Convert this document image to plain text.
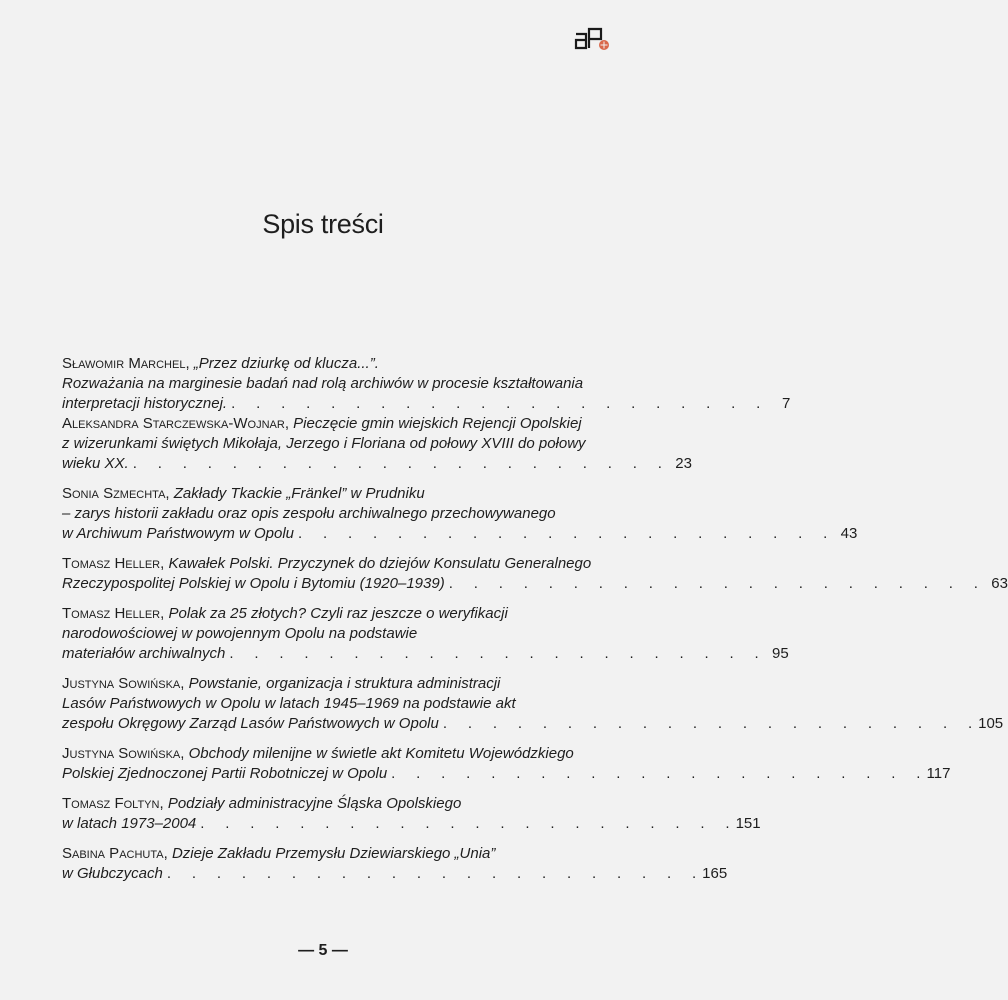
Spis treści
Sławomir Marchel , „Przez dziurkę od klucza...”.
Rozważania na marginesie badań nad rolą archiwów w procesie kształtowania
interpretacji historycznej. .     .     .     .     .     .     .     .     .     .     .     .     .     .     .     .     .     .     .     .     .     .	7
Aleksandra Starczewska-Wojnar , Pieczęcie gmin wiejskich Rejencji Opolskiej
z wizerunkami świętych Mikołaja, Jerzego i Floriana od połowy XVIII do połowy
wieku XX. .     .     .     .     .     .     .     .     .     .     .     .     .     .     .     .     .     .     .     .     .     . 23
Sonia Szmechta , Zakłady Tkackie „Fränkel” w Prudniku
– zarys historii zakładu oraz opis zespołu archiwalnego przechowywanego
w Archiwum Państwowym w Opolu .     .     .     .     .     .     .     .     .     .     .     .     .     .     .     .     .     .     .     .     .     . 43
Tomasz Heller , Kawałek Polski. Przyczynek do dziejów Konsulatu Generalnego
Rzeczypospolitej Polskiej w Opolu i Bytomiu (1920–1939) .     .     .     .     .     .     .     .     .     .     .     .     .     .     .     .     .     .     .     .     .     . 63
Tomasz Heller , Polak za 25 złotych? Czyli raz jeszcze o weryfikacji
narodowościowej w powojennym Opolu na podstawie
materiałów archiwalnych .     .     .     .     .     .     .     .     .     .     .     .     .     .     .     .     .     .     .     .     .     . 95
Justyna Sowińska , Powstanie, organizacja i struktura administracji
Lasów Państwowych w Opolu w latach 1945–1969 na podstawie akt
zespołu Okręgowy Zarząd Lasów Państwowych w Opolu .     .     .     .     .     .     .     .     .     .     .     .     .     .     .     .     .     .     .     .     .     . 105
Justyna Sowińska , Obchody milenijne w świetle akt Komitetu Wojewódzkiego
Polskiej Zjednoczonej Partii Robotniczej w Opolu .     .     .     .     .     .     .     .     .     .     .     .     .     .     .     .     .     .     .     .     .     . 117
Tomasz Foltyn , Podziały administracyjne Śląska Opolskiego
w latach 1973–2004 .     .     .     .     .     .     .     .     .     .     .     .     .     .     .     .     .     .     .     .     .     . 151
Sabina Pachuta , Dzieje Zakładu Przemysłu Dziewiarskiego „Unia”
w Głubczycach .     .     .     .     .     .     .     .     .     .     .     .     .     .     .     .     .     .     .     .     .     . 165
— 5 —
